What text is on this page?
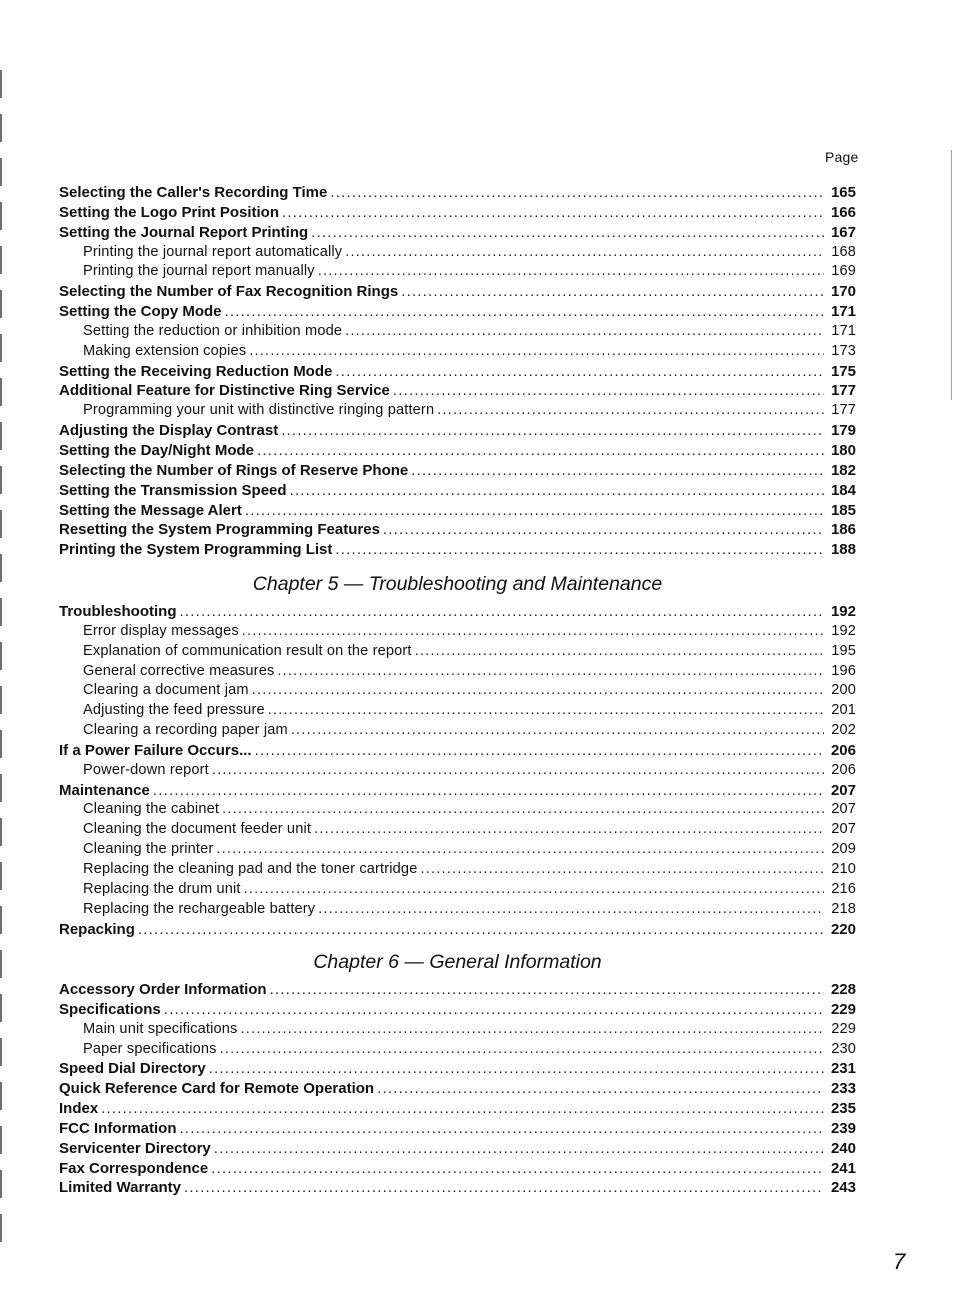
Page
Selecting the Caller's Recording Time .....	165
Setting the Logo Print Position .....	166
Setting the Journal Report Printing .....	167
Printing the journal report automatically .....	168
Printing the journal report manually .....	169
Selecting the Number of Fax Recognition Rings .....	170
Setting the Copy Mode .....	171
Setting the reduction or inhibition mode .....	171
Making extension copies .....	173
Setting the Receiving Reduction Mode .....	175
Additional Feature for Distinctive Ring Service .....	177
Programming your unit with distinctive ringing pattern .....	177
Adjusting the Display Contrast .....	179
Setting the Day/Night Mode .....	180
Selecting the Number of Rings of Reserve Phone .....	182
Setting the Transmission Speed .....	184
Setting the Message Alert .....	185
Resetting the System Programming Features .....	186
Printing the System Programming List .....	188
Chapter 5 — Troubleshooting and Maintenance
Troubleshooting .....	192
Error display messages .....	192
Explanation of communication result on the report .....	195
General corrective measures .....	196
Clearing a document jam .....	200
Adjusting the feed pressure .....	201
Clearing a recording paper jam .....	202
If a Power Failure Occurs... .....	206
Power-down report .....	206
Maintenance .....	207
Cleaning the cabinet .....	207
Cleaning the document feeder unit .....	207
Cleaning the printer .....	209
Replacing the cleaning pad and the toner cartridge .....	210
Replacing the drum unit .....	216
Replacing the rechargeable battery .....	218
Repacking .....	220
Chapter 6 — General Information
Accessory Order Information .....	228
Specifications .....	229
Main unit specifications .....	229
Paper specifications .....	230
Speed Dial Directory .....	231
Quick Reference Card for Remote Operation .....	233
Index .....	235
FCC Information .....	239
Servicenter Directory .....	240
Fax Correspondence .....	241
Limited Warranty .....	243
7
